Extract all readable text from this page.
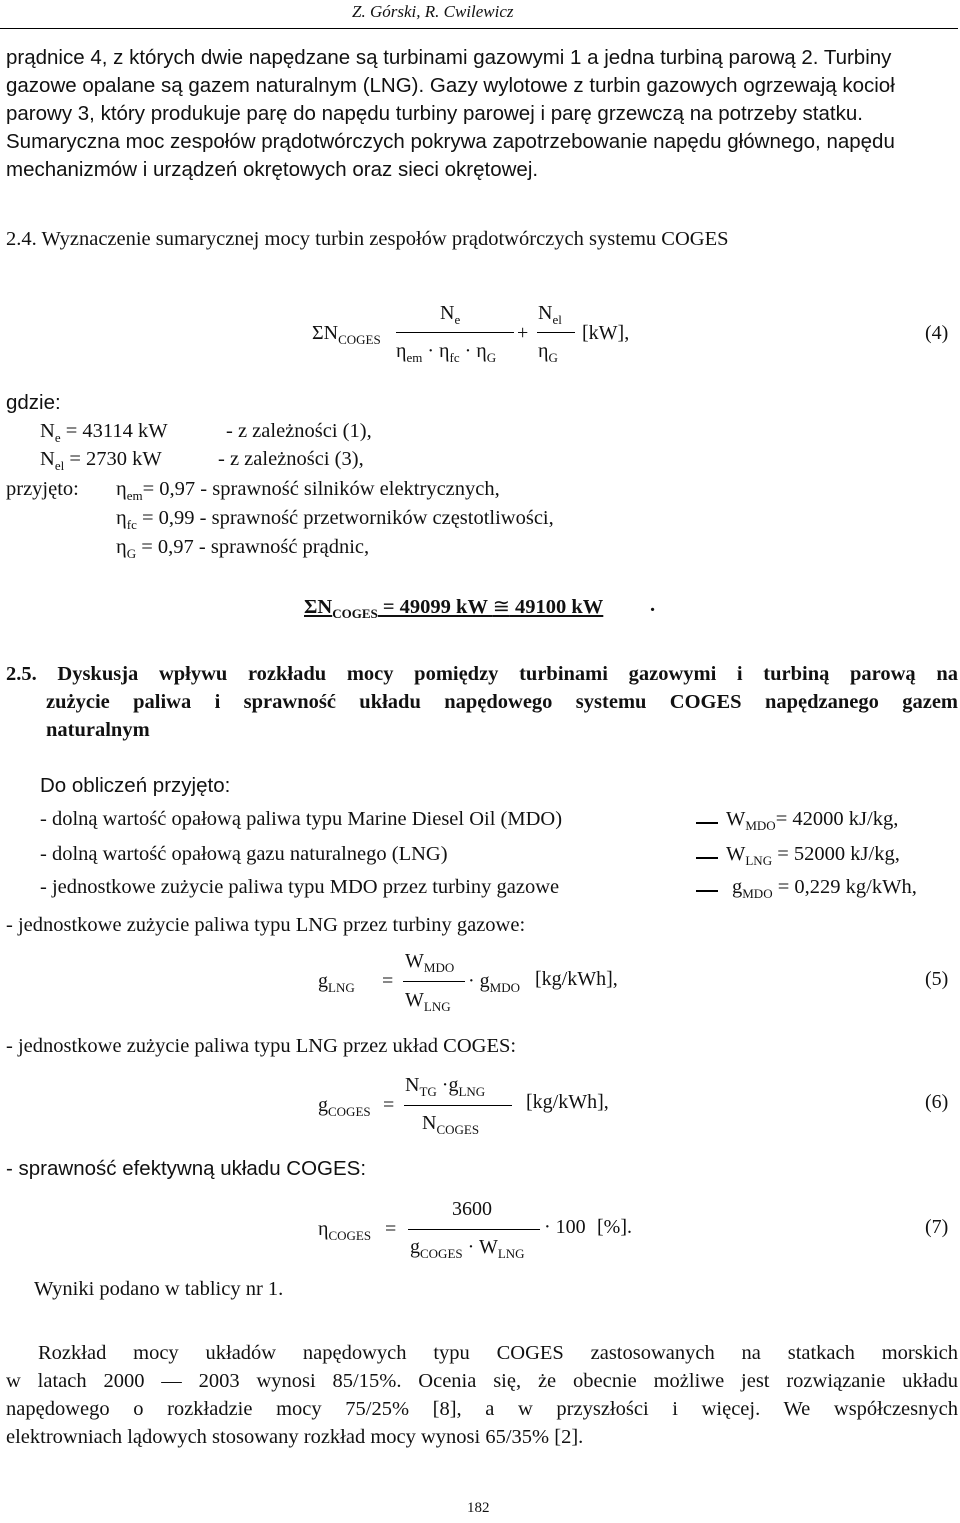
Z. Górski, R. Cwilewicz
prądnice 4, z których dwie napędzane są turbinami gazowymi 1 a jedna turbiną parową 2. Turbiny
gazowe opalane są gazem naturalnym (LNG). Gazy wylotowe z turbin gazowych ogrzewają kocioł
parowy 3, który produkuje parę do napędu turbiny parowej i parę grzewczą na potrzeby statku.
Sumaryczna moc zespołów prądotwórczych pokrywa zapotrzebowanie napędu głównego, napędu
mechanizmów i urządzeń okrętowych oraz sieci okrętowej.
2.4. Wyznaczenie sumarycznej mocy turbin zespołów prądotwórczych systemu COGES
$\Sigma N_{COGES}$
$N_e$
$\eta_{em} \cdot \eta_{fc} \cdot \eta_G$
+
$N_{el}$
$\eta_G$
[kW],	(4)
gdzie:
$N_e = 43114$ kW	- z zależności (1),
$N_{el} = 2730$ kW	- z zależności (3),
przyjęto: $\eta_{em}= 0,97$ - sprawność silników elektrycznych,
$\eta_{fc} = 0,99$ - sprawność przetworników częstotliwości,
$\eta_G = 0,97$ - sprawność prądnic,
$\Sigma N_{COGES} = 49099$ kW ≅ 49100 kW .
2.5. Dyskusja wpływu rozkładu mocy pomiędzy turbinami gazowymi i turbiną parową na
zużycie paliwa i sprawność układu napędowego systemu COGES napędzanego gazem
naturalnym
Do obliczeń przyjęto:
- dolną wartość opałową paliwa typu Marine Diesel Oil (MDO)	$W_{MDO}= 42000$ kJ/kg,
- dolną wartość opałową gazu naturalnego (LNG)	$W_{LNG} = 52000$ kJ/kg,
- jednostkowe zużycie paliwa typu MDO przez turbiny gazowe	$g_{MDO} = 0,229$ kg/kWh,
- jednostkowe zużycie paliwa typu LNG przez turbiny gazowe:
$g_{LNG}$ =
$W_{MDO}$
$W_{LNG}$
· $g_{MDO}$ [kg/kWh],	(5)
- jednostkowe zużycie paliwa typu LNG przez układ COGES:
$g_{COGES}$ =
$N_{TG} \cdot g_{LNG}$
$N_{COGES}$
[kg/kWh],	(6)
- sprawność efektywną układu COGES:
$\eta_{COGES}$ =
3600
$g_{COGES} \cdot W_{LNG}$
· 100 [%].	(7)
Wyniki podano w tablicy nr 1.
Rozkład mocy układów napędowych typu COGES zastosowanych na statkach morskich
w latach 2000 — 2003 wynosi 85/15%. Ocenia się, że obecnie możliwe jest rozwiązanie układu
napędowego o rozkładzie mocy 75/25% [8], a w przyszłości i więcej. We współczesnych
elektrowniach lądowych stosowany rozkład mocy wynosi 65/35% [2].
182
